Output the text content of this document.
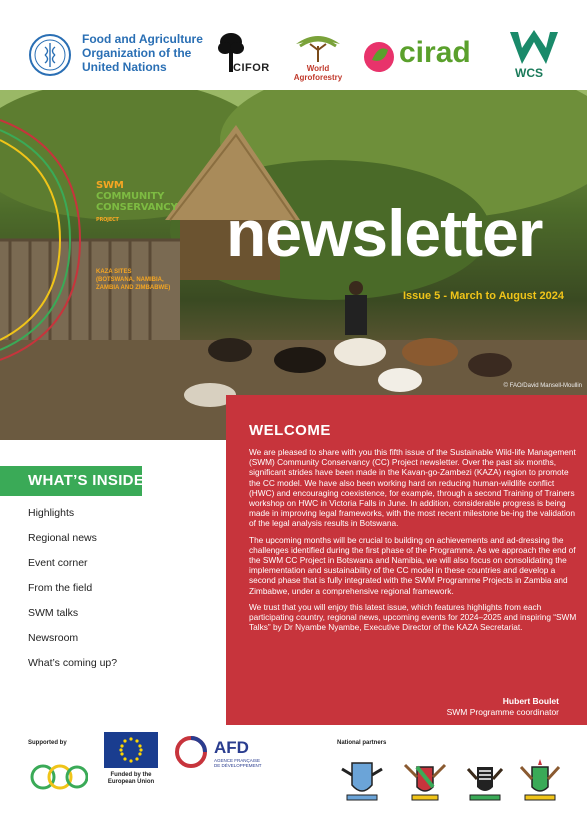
Food and Agriculture
Organization of the
United Nations	CIFOR	World
Agroforestry
cirad
WCS
SWM
COMMUNITY
CONSERVANCY
PROJECT
KAZA SITES
(BOTSWANA, NAMIBIA,
ZAMBIA AND ZIMBABWE)
newsletter
Issue 5 - March to August 2024
© FAO/David Mansell-Moullin
WELCOME

We are pleased to share with you this fifth issue of the Sustainable Wild-life Management (SWM) Community Conservancy (CC) Project newsletter. Over the past six months, significant strides have been made in the Kavan-go-Zambezi (KAZA) region to promote the CC model. We have also been working hard on reducing human-wildlife conflict (HWC) and encouraging coexistence, for example, through a second Training of Trainers workshop on HWC in Victoria Falls in June. In addition, considerable progress is being made in improving legal frameworks, with the most recent milestone be-ing the validation of the legal analysis results in Botswana.

The upcoming months will be crucial to building on achievements and ad-dressing the challenges identified during the first phase of the Programme. As we approach the end of the SWM CC Project in Botswana and Namibia, we will also focus on consolidating the implementation and sustainability of the CC model in these countries and develop a second phase that is fully integrated with the SWM Programme Projects in Zambia and Zimbabwe, under a comprehensive regional framework.

We trust that you will enjoy this latest issue, which features highlights from each participating country, regional news, upcoming events for 2024–2025 and inspiring “SWM Talks” by Dr Nyambe Nyambe, Executive Director of the KAZA Secretariat.

Hubert Boulet
SWM Programme coordinator
WHAT’S INSIDE?
Highlights
Regional news
Event corner
From the field
SWM talks
Newsroom
What’s coming up?
Supported by	National partners
Funded by the
European Union
AFD
AGENCE FRANÇAISE
DE DÉVELOPPEMENT
